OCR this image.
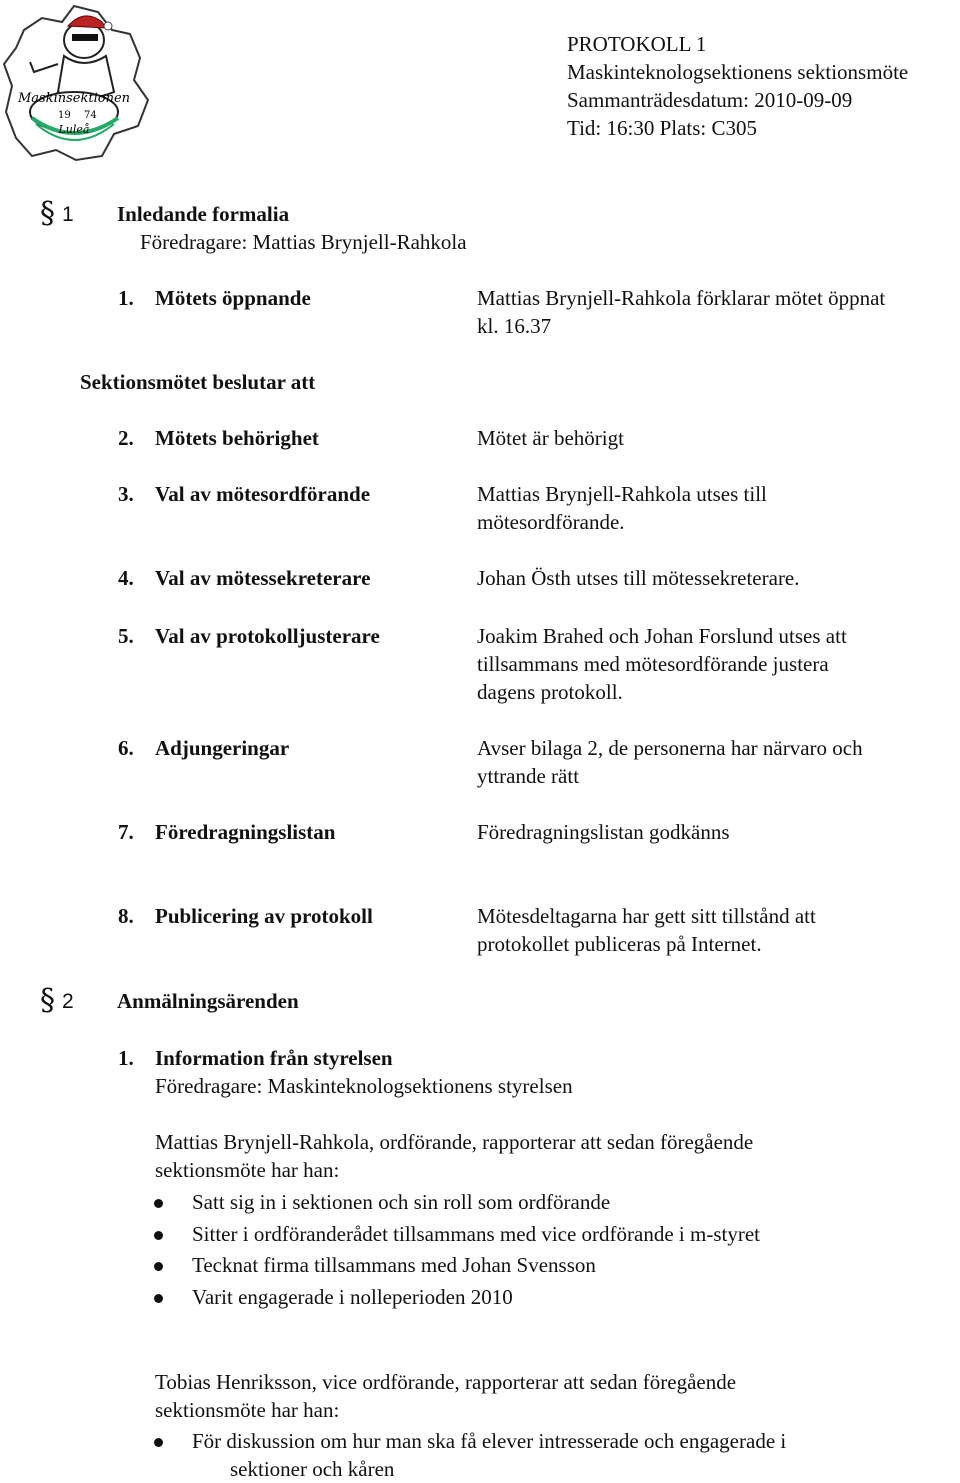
Maskinsektionen
19 74
Luleå
PROTOKOLL 1
Maskinteknologsektionens sektionsmöte
Sammanträdesdatum: 2010-09-09
Tid: 16:30 Plats: C305
§ 1 Inledande formalia
Föredragare: Mattias Brynjell-Rahkola
1. Mötets öppnande	Mattias Brynjell-Rahkola förklarar mötet öppnat
kl. 16.37
Sektionsmötet beslutar att
2. Mötets behörighet	Mötet är behörigt
3. Val av mötesordförande	Mattias Brynjell-Rahkola utses till
mötesordförande.
4. Val av mötessekreterare	Johan Östh utses till mötessekreterare.
5. Val av protokolljusterare	Joakim Brahed och Johan Forslund utses att
tillsammans med mötesordförande justera
dagens protokoll.
6. Adjungeringar	Avser bilaga 2, de personerna har närvaro och
yttrande rätt
7. Föredragningslistan	Föredragningslistan godkänns
8. Publicering av protokoll	Mötesdeltagarna har gett sitt tillstånd att
protokollet publiceras på Internet.
§ 2 Anmälningsärenden
1. Information från styrelsen
Föredragare: Maskinteknologsektionens styrelsen
Mattias Brynjell-Rahkola, ordförande, rapporterar att sedan föregående
sektionsmöte har han:
Satt sig in i sektionen och sin roll som ordförande
Sitter i ordföranderådet tillsammans med vice ordförande i m-styret
Tecknat firma tillsammans med Johan Svensson
Varit engagerade i nolleperioden 2010
Tobias Henriksson, vice ordförande, rapporterar att sedan föregående
sektionsmöte har han:
För diskussion om hur man ska få elever intresserade och engagerade i
sektioner och kåren
